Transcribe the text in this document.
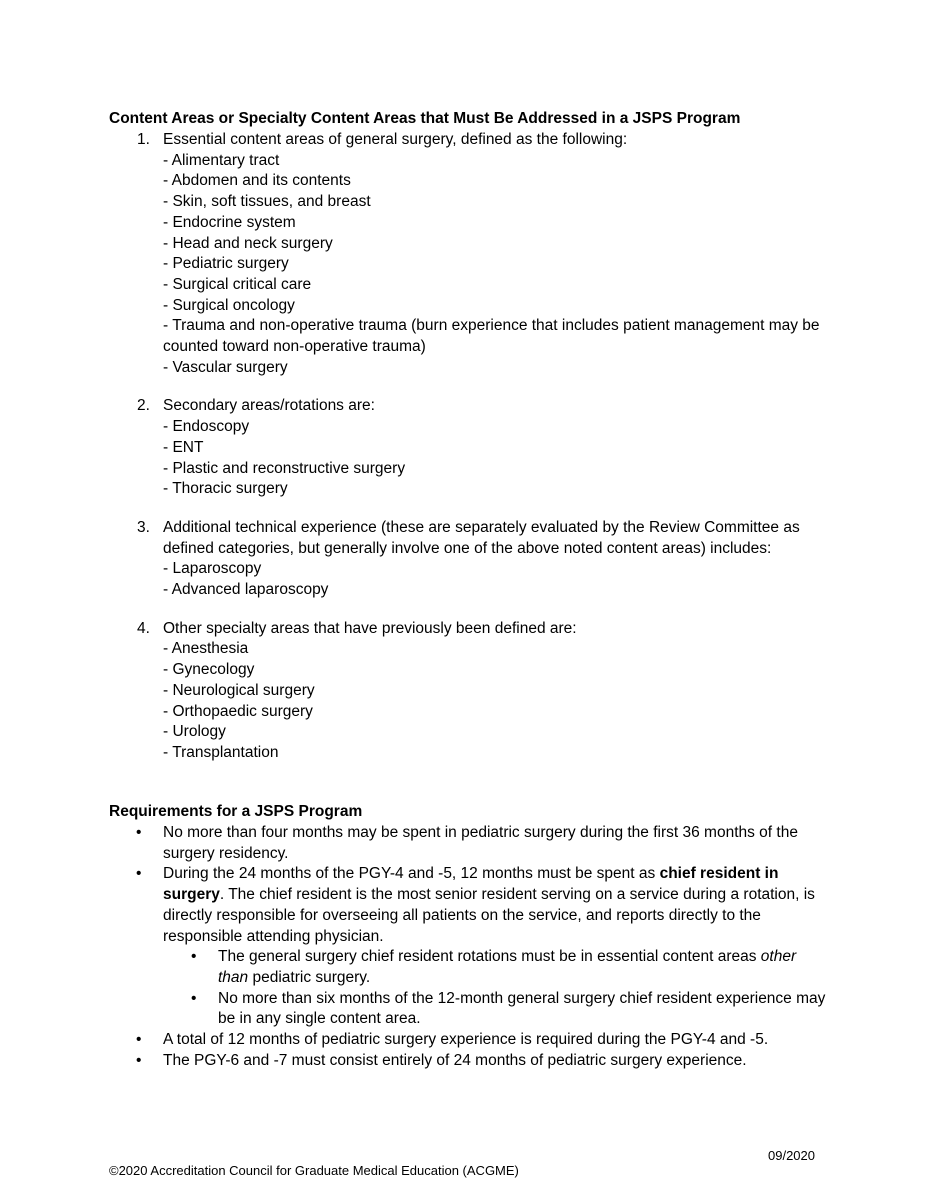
Content Areas or Specialty Content Areas that Must Be Addressed in a JSPS Program
1. Essential content areas of general surgery, defined as the following:
- Alimentary tract
- Abdomen and its contents
- Skin, soft tissues, and breast
- Endocrine system
- Head and neck surgery
- Pediatric surgery
- Surgical critical care
- Surgical oncology
- Trauma and non-operative trauma (burn experience that includes patient management may be counted toward non-operative trauma)
- Vascular surgery
2. Secondary areas/rotations are:
- Endoscopy
- ENT
- Plastic and reconstructive surgery
- Thoracic surgery
3. Additional technical experience (these are separately evaluated by the Review Committee as defined categories, but generally involve one of the above noted content areas) includes:
- Laparoscopy
- Advanced laparoscopy
4. Other specialty areas that have previously been defined are:
- Anesthesia
- Gynecology
- Neurological surgery
- Orthopaedic surgery
- Urology
- Transplantation
Requirements for a JSPS Program
•
No more than four months may be spent in pediatric surgery during the first 36 months of the surgery residency.
•
During the 24 months of the PGY-4 and -5, 12 months must be spent as chief resident in surgery. The chief resident is the most senior resident serving on a service during a rotation, is directly responsible for overseeing all patients on the service, and reports directly to the responsible attending physician.
•
The general surgery chief resident rotations must be in essential content areas other than pediatric surgery.
•
No more than six months of the 12-month general surgery chief resident experience may be in any single content area.
•
A total of 12 months of pediatric surgery experience is required during the PGY-4 and -5.
•
The PGY-6 and -7 must consist entirely of 24 months of pediatric surgery experience.
09/2020
©2020 Accreditation Council for Graduate Medical Education (ACGME)
